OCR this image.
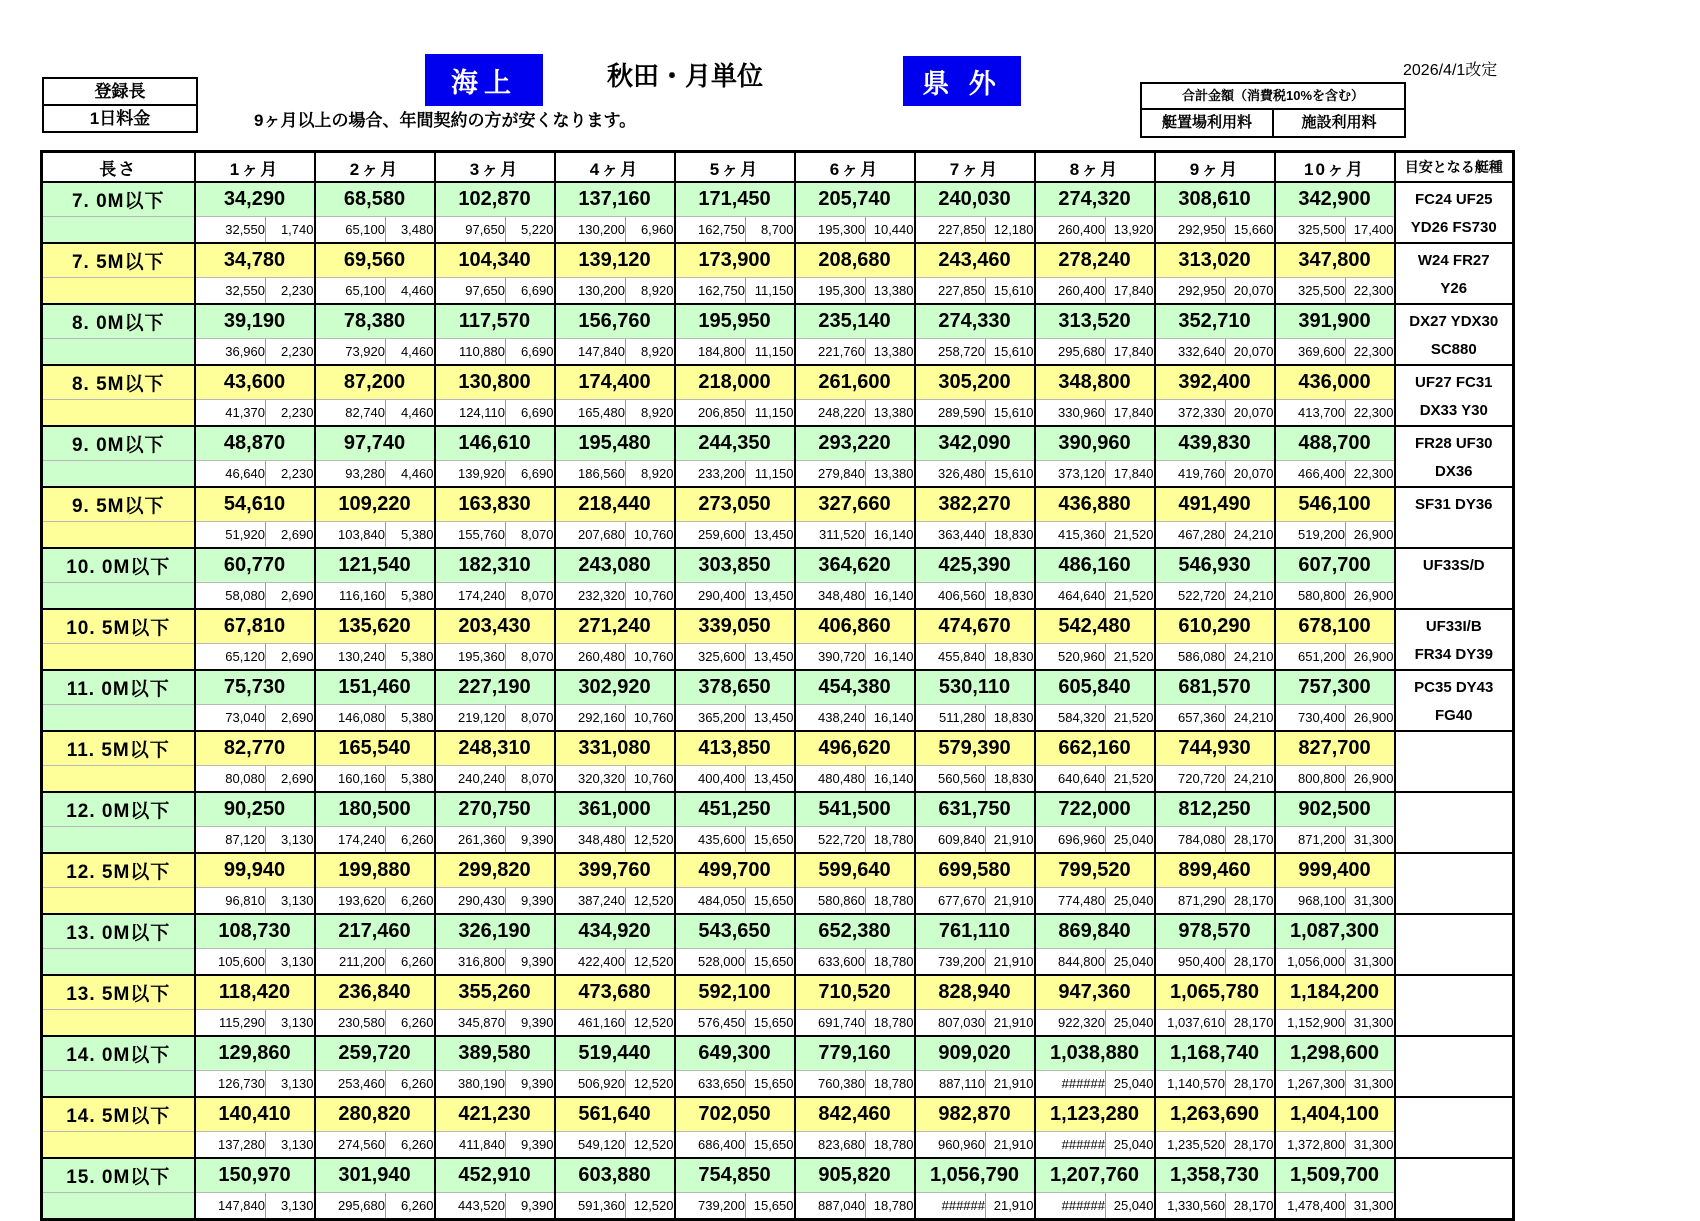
登録長
1日料金
海上	秋田・月単位
9ヶ月以上の場合、年間契約の方が安くなります。
県 外	2026/4/1改定
合計金額（消費税10%を含む）
艇置場利用料	施設利用料
長さ	1ヶ月		2ヶ月		3ヶ月		4ヶ月		5ヶ月		6ヶ月		7ヶ月		8ヶ月		9ヶ月		10ヶ月		目安となる艇種
7. 0M以下	34,290		68,580		102,870		137,160		171,450		205,740		240,030		274,320		308,610		342,900		FC24 UF25
YD26 FS730

	32,550	1,740	65,100	3,480	97,650	5,220	130,200	6,960	162,750	8,700	195,300	10,440	227,850	12,180	260,400	13,920	292,950	15,660	325,500	17,400	
7. 5M以下	34,780		69,560		104,340		139,120		173,900		208,680		243,460		278,240		313,020		347,800		W24 FR27
Y26

	32,550	2,230	65,100	4,460	97,650	6,690	130,200	8,920	162,750	11,150	195,300	13,380	227,850	15,610	260,400	17,840	292,950	20,070	325,500	22,300	
8. 0M以下	39,190		78,380		117,570		156,760		195,950		235,140		274,330		313,520		352,710		391,900		DX27 YDX30
SC880

	36,960	2,230	73,920	4,460	110,880	6,690	147,840	8,920	184,800	11,150	221,760	13,380	258,720	15,610	295,680	17,840	332,640	20,070	369,600	22,300	
8. 5M以下	43,600		87,200		130,800		174,400		218,000		261,600		305,200		348,800		392,400		436,000		UF27 FC31
DX33 Y30

	41,370	2,230	82,740	4,460	124,110	6,690	165,480	8,920	206,850	11,150	248,220	13,380	289,590	15,610	330,960	17,840	372,330	20,070	413,700	22,300	
9. 0M以下	48,870		97,740		146,610		195,480		244,350		293,220		342,090		390,960		439,830		488,700		FR28 UF30
DX36

	46,640	2,230	93,280	4,460	139,920	6,690	186,560	8,920	233,200	11,150	279,840	13,380	326,480	15,610	373,120	17,840	419,760	20,070	466,400	22,300	
9. 5M以下	54,610		109,220		163,830		218,440		273,050		327,660		382,270		436,880		491,490		546,100		SF31 DY36

	51,920	2,690	103,840	5,380	155,760	8,070	207,680	10,760	259,600	13,450	311,520	16,140	363,440	18,830	415,360	21,520	467,280	24,210	519,200	26,900	
10. 0M以下	60,770		121,540		182,310		243,080		303,850		364,620		425,390		486,160		546,930		607,700		UF33S/D

	58,080	2,690	116,160	5,380	174,240	8,070	232,320	10,760	290,400	13,450	348,480	16,140	406,560	18,830	464,640	21,520	522,720	24,210	580,800	26,900	
10. 5M以下	67,810		135,620		203,430		271,240		339,050		406,860		474,670		542,480		610,290		678,100		UF33I/B
FR34 DY39

	65,120	2,690	130,240	5,380	195,360	8,070	260,480	10,760	325,600	13,450	390,720	16,140	455,840	18,830	520,960	21,520	586,080	24,210	651,200	26,900	
11. 0M以下	75,730		151,460		227,190		302,920		378,650		454,380		530,110		605,840		681,570		757,300		PC35 DY43
FG40

	73,040	2,690	146,080	5,380	219,120	8,070	292,160	10,760	365,200	13,450	438,240	16,140	511,280	18,830	584,320	21,520	657,360	24,210	730,400	26,900	
11. 5M以下	82,770		165,540		248,310		331,080		413,850		496,620		579,390		662,160		744,930		827,700		

	80,080	2,690	160,160	5,380	240,240	8,070	320,320	10,760	400,400	13,450	480,480	16,140	560,560	18,830	640,640	21,520	720,720	24,210	800,800	26,900	
12. 0M以下	90,250		180,500		270,750		361,000		451,250		541,500		631,750		722,000		812,250		902,500		

	87,120	3,130	174,240	6,260	261,360	9,390	348,480	12,520	435,600	15,650	522,720	18,780	609,840	21,910	696,960	25,040	784,080	28,170	871,200	31,300	
12. 5M以下	99,940		199,880		299,820		399,760		499,700		599,640		699,580		799,520		899,460		999,400		

	96,810	3,130	193,620	6,260	290,430	9,390	387,240	12,520	484,050	15,650	580,860	18,780	677,670	21,910	774,480	25,040	871,290	28,170	968,100	31,300	
13. 0M以下	108,730		217,460		326,190		434,920		543,650		652,380		761,110		869,840		978,570		1,087,300		

	105,600	3,130	211,200	6,260	316,800	9,390	422,400	12,520	528,000	15,650	633,600	18,780	739,200	21,910	844,800	25,040	950,400	28,170	1,056,000	31,300	
13. 5M以下	118,420		236,840		355,260		473,680		592,100		710,520		828,940		947,360		1,065,780		1,184,200		

	115,290	3,130	230,580	6,260	345,870	9,390	461,160	12,520	576,450	15,650	691,740	18,780	807,030	21,910	922,320	25,040	1,037,610	28,170	1,152,900	31,300	
14. 0M以下	129,860		259,720		389,580		519,440		649,300		779,160		909,020		1,038,880		1,168,740		1,298,600		

	126,730	3,130	253,460	6,260	380,190	9,390	506,920	12,520	633,650	15,650	760,380	18,780	887,110	21,910	######	25,040	1,140,570	28,170	1,267,300	31,300	
14. 5M以下	140,410		280,820		421,230		561,640		702,050		842,460		982,870		1,123,280		1,263,690		1,404,100		

	137,280	3,130	274,560	6,260	411,840	9,390	549,120	12,520	686,400	15,650	823,680	18,780	960,960	21,910	######	25,040	1,235,520	28,170	1,372,800	31,300	
15. 0M以下	150,970		301,940		452,910		603,880		754,850		905,820		1,056,790		1,207,760		1,358,730		1,509,700		

	147,840	3,130	295,680	6,260	443,520	9,390	591,360	12,520	739,200	15,650	887,040	18,780	######	21,910	######	25,040	1,330,560	28,170	1,478,400	31,300	
